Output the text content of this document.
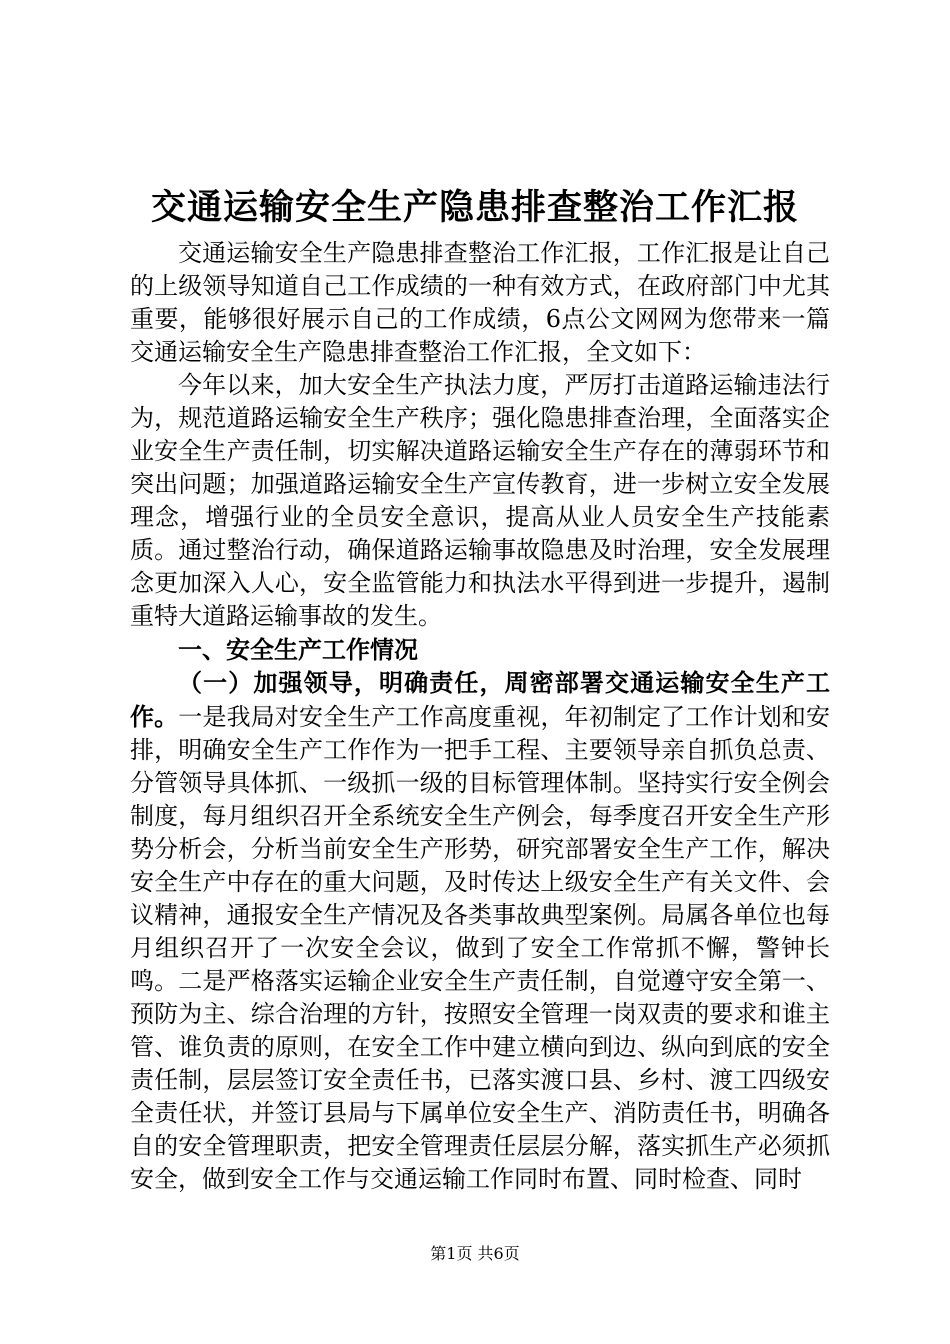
交通运输安全生产隐患排查整治工作汇报

交通运输安全生产隐患排查整治工作汇报，工作汇报是让自己的上级领导知道自己工作成绩的一种有效方式，在政府部门中尤其重要，能够很好展示自己的工作成绩，6点公文网网为您带来一篇交通运输安全生产隐患排查整治工作汇报，全文如下：

今年以来，加大安全生产执法力度，严厉打击道路运输违法行为，规范道路运输安全生产秩序；强化隐患排查治理，全面落实企业安全生产责任制，切实解决道路运输安全生产存在的薄弱环节和突出问题；加强道路运输安全生产宣传教育，进一步树立安全发展理念，增强行业的全员安全意识，提高从业人员安全生产技能素质。通过整治行动，确保道路运输事故隐患及时治理，安全发展理念更加深入人心，安全监管能力和执法水平得到进一步提升，遏制重特大道路运输事故的发生。

一、安全生产工作情况

（一）加强领导，明确责任，周密部署交通运输安全生产工作。一是我局对安全生产工作高度重视，年初制定了工作计划和安排，明确安全生产工作作为一把手工程、主要领导亲自抓负总责、分管领导具体抓、一级抓一级的目标管理体制。坚持实行安全例会制度，每月组织召开全系统安全生产例会，每季度召开安全生产形势分析会，分析当前安全生产形势，研究部署安全生产工作，解决安全生产中存在的重大问题，及时传达上级安全生产有关文件、会议精神，通报安全生产情况及各类事故典型案例。局属各单位也每月组织召开了一次安全会议，做到了安全工作常抓不懈，警钟长鸣。二是严格落实运输企业安全生产责任制，自觉遵守安全第一、预防为主、综合治理的方针，按照安全管理一岗双责的要求和谁主管、谁负责的原则，在安全工作中建立横向到边、纵向到底的安全责任制，层层签订安全责任书，已落实渡口县、乡村、渡工四级安全责任状，并签订县局与下属单位安全生产、消防责任书，明确各自的安全管理职责，把安全管理责任层层分解，落实抓生产必须抓安全，做到安全工作与交通运输工作同时布置、同时检查、同时

第1页 共6页
